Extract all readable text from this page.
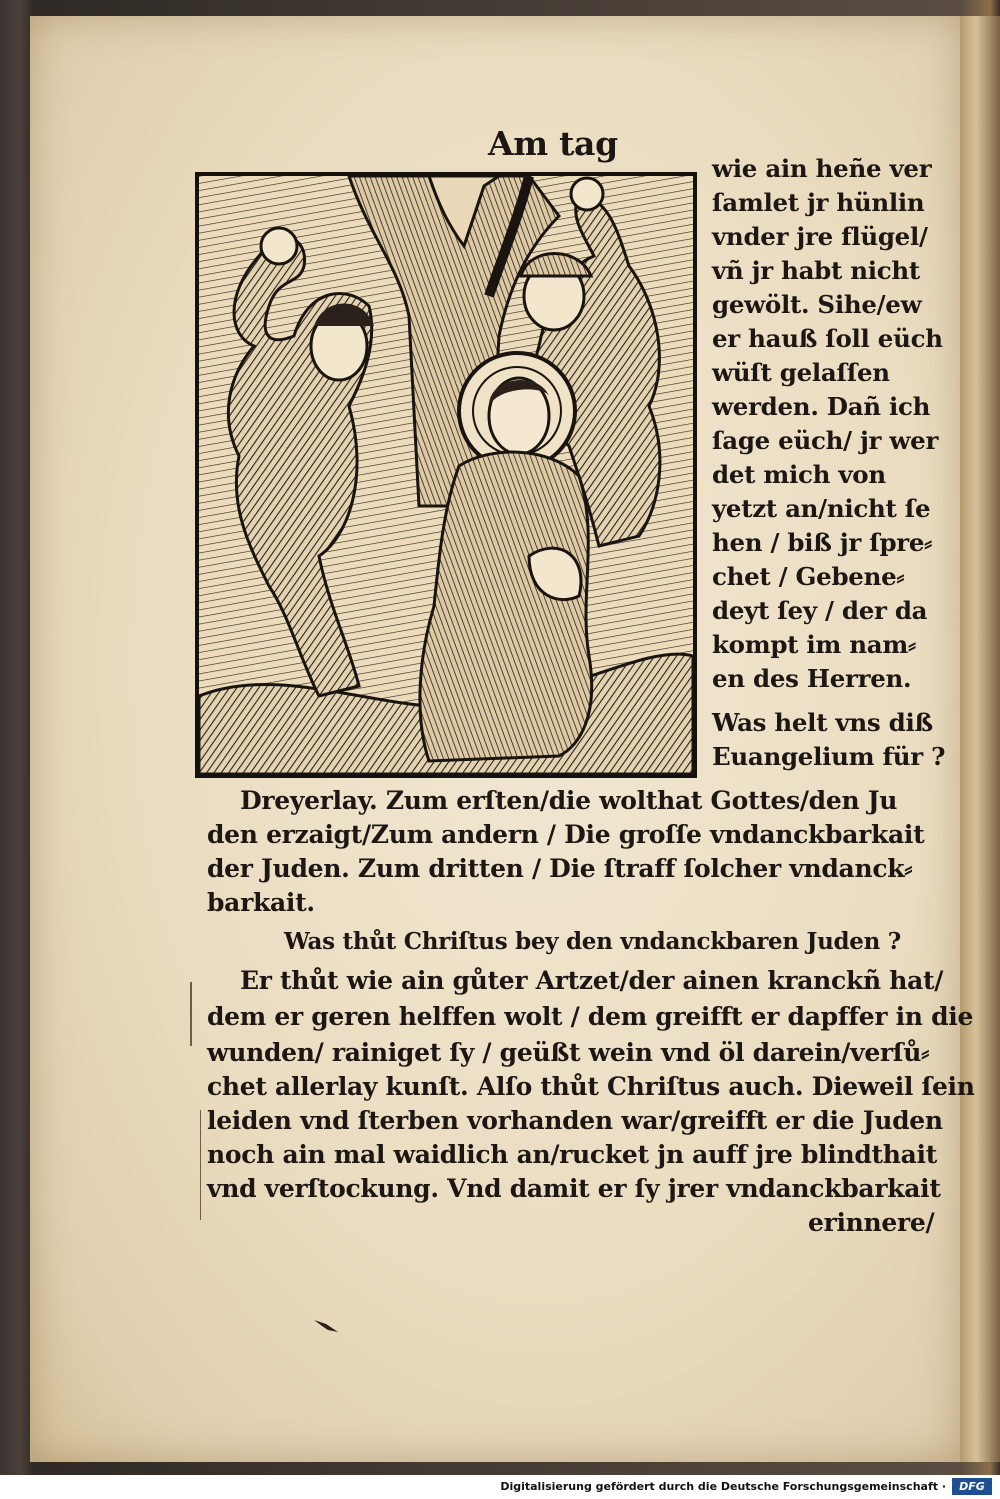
Am tag
wie ain heñe ver
ſamlet jr hünlin
vnder jre flügel/
vñ jr habt nicht
gewölt. Sihe/ew
er hauß ſoll eüch
wüſt gelaſſen
werden. Dañ ich
ſage eüch/ jr wer
det mich von
yetzt an/nicht ſe
hen / biß jr ſpre⸗
chet / Gebene⸗
deyt ſey / der da
kompt im nam⸗
en des Herren.
Was helt vns diß
Euangelium für ?
Dreyerlay. Zum erſten/die wolthat Gottes/den Ju
den erzaigt/Zum andern / Die groſſe vndanckbarkait
der Juden. Zum dritten / Die ſtraff ſolcher vndanck⸗
barkait.
Was thůt Chriſtus bey den vndanckbaren Juden ?
Er thůt wie ain gůter Artzet/der ainen kranckñ hat/
dem er geren helffen wolt / dem greifft er dapffer in die
wunden/ rainiget ſy / geüßt wein vnd öl darein/verſů⸗
chet allerlay kunſt. Alſo thůt Chriſtus auch. Dieweil ſein
leiden vnd ſterben vorhanden war/greifft er die Juden
noch ain mal waidlich an/rucket jn auff jre blindthait
vnd verſtockung. Vnd damit er ſy jrer vndanckbarkait
erinnere/
Digitalisierung gefördert durch die Deutsche Forschungsgemeinschaft ·	DFG
